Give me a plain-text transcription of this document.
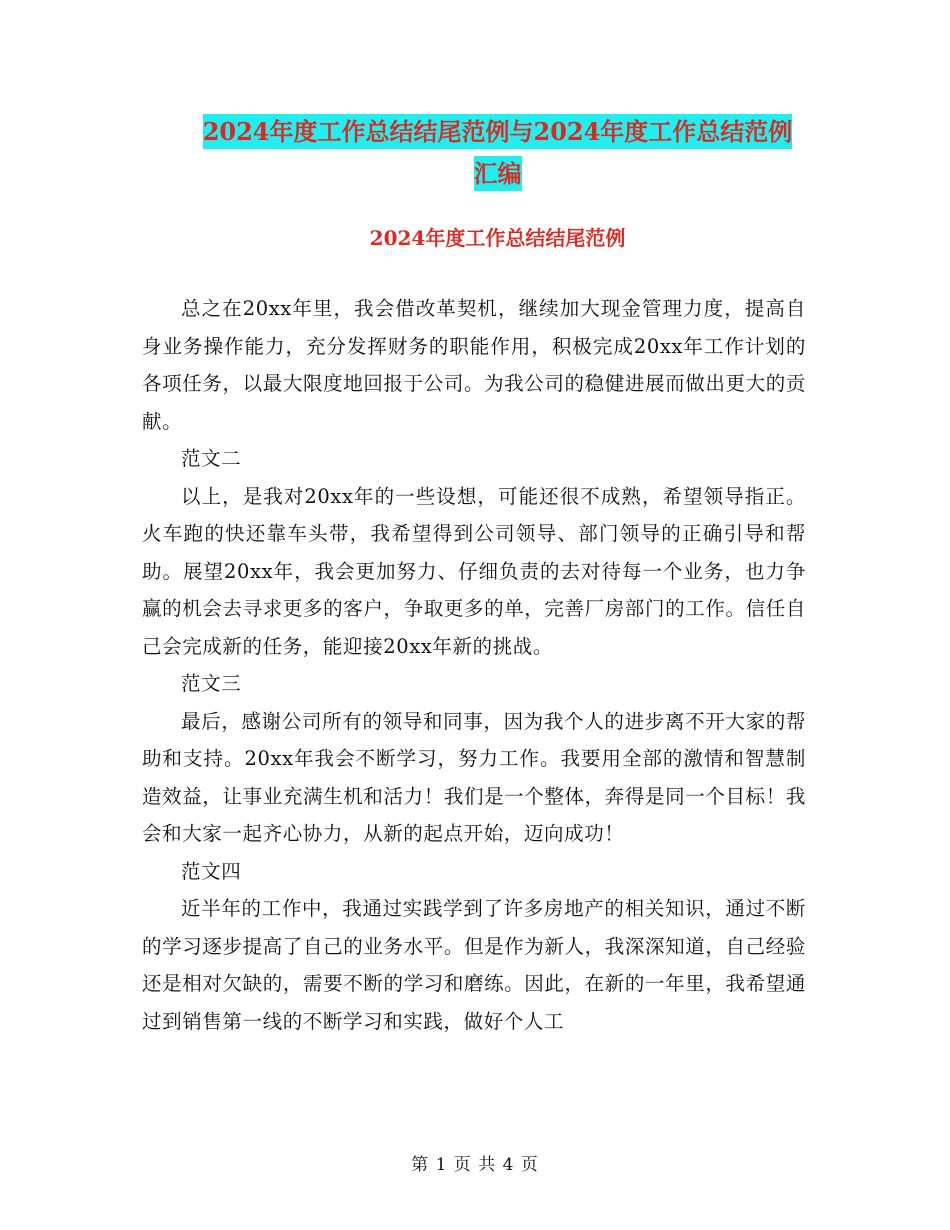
2024年度工作总结结尾范例与2024年度工作总结范例
汇编
2024年度工作总结结尾范例

总之在20xx年里，我会借改革契机，继续加大现金管理力度，提高自身业务操作能力，充分发挥财务的职能作用，积极完成20xx年工作计划的各项任务，以最大限度地回报于公司。为我公司的稳健进展而做出更大的贡献。

范文二

以上，是我对20xx年的一些设想，可能还很不成熟，希望领导指正。火车跑的快还靠车头带，我希望得到公司领导、部门领导的正确引导和帮助。展望20xx年，我会更加努力、仔细负责的去对待每一个业务，也力争赢的机会去寻求更多的客户，争取更多的单，完善厂房部门的工作。信任自己会完成新的任务，能迎接20xx年新的挑战。

范文三

最后，感谢公司所有的领导和同事，因为我个人的进步离不开大家的帮助和支持。20xx年我会不断学习，努力工作。我要用全部的激情和智慧制造效益，让事业充满生机和活力！我们是一个整体，奔得是同一个目标！我会和大家一起齐心协力，从新的起点开始，迈向成功！

范文四

近半年的工作中，我通过实践学到了许多房地产的相关知识，通过不断的学习逐步提高了自己的业务水平。但是作为新人，我深深知道，自己经验还是相对欠缺的，需要不断的学习和磨练。因此，在新的一年里，我希望通过到销售第一线的不断学习和实践，做好个人工

第 1 页 共 4 页
